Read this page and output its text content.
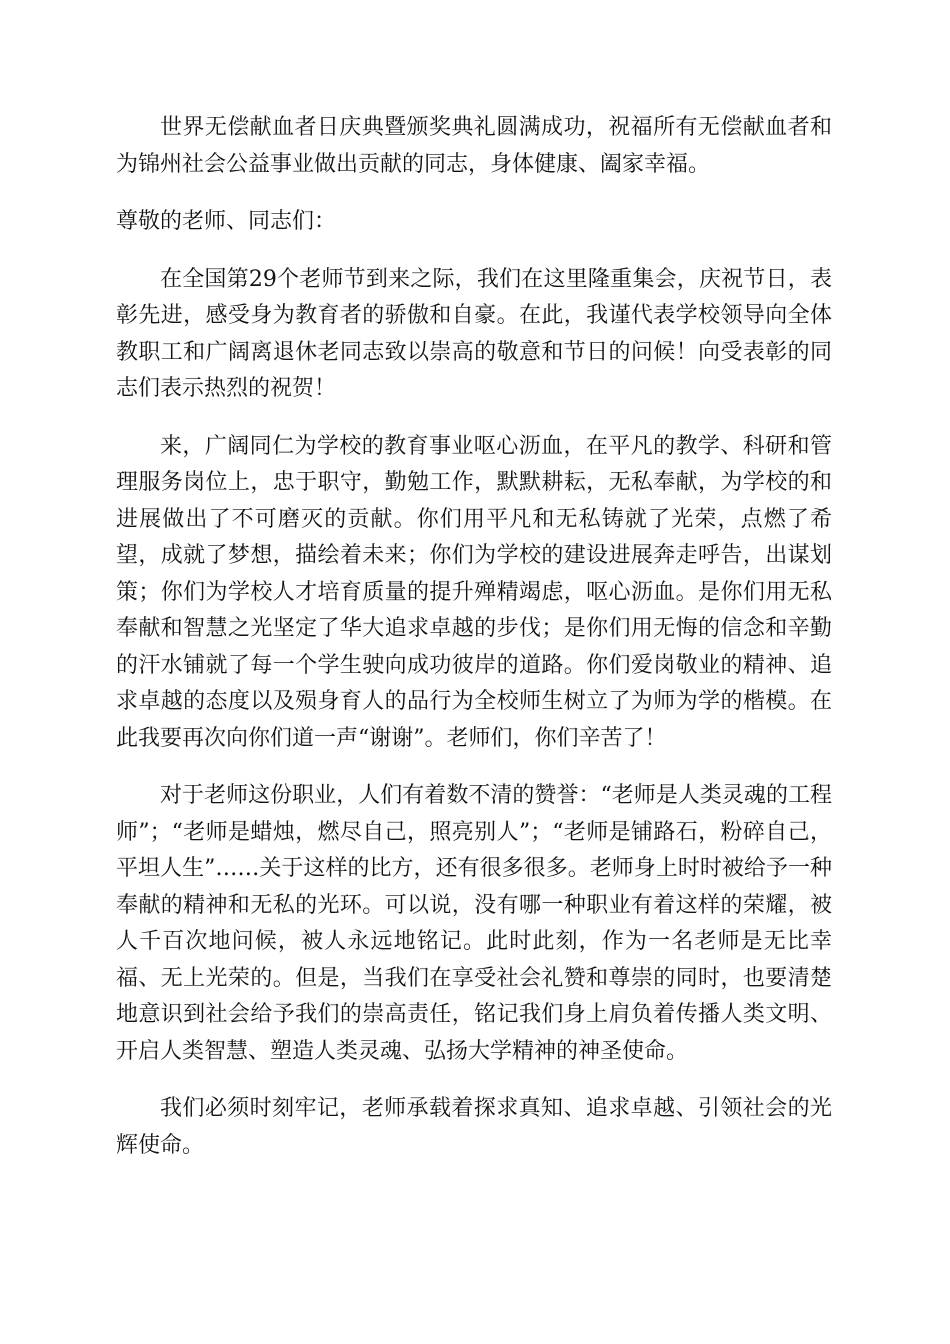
世界无偿献血者日庆典暨颁奖典礼圆满成功，祝福所有无偿献血者和为锦州社会公益事业做出贡献的同志，身体健康、阖家幸福。

尊敬的老师、同志们：

在全国第29个老师节到来之际，我们在这里隆重集会，庆祝节日，表彰先进，感受身为教育者的骄傲和自豪。在此，我谨代表学校领导向全体教职工和广阔离退休老同志致以崇高的敬意和节日的问候！向受表彰的同志们表示热烈的祝贺！

来，广阔同仁为学校的教育事业呕心沥血，在平凡的教学、科研和管理服务岗位上，忠于职守，勤勉工作，默默耕耘，无私奉献，为学校的和进展做出了不可磨灭的贡献。你们用平凡和无私铸就了光荣，点燃了希望，成就了梦想，描绘着未来；你们为学校的建设进展奔走呼告，出谋划策；你们为学校人才培育质量的提升殚精竭虑，呕心沥血。是你们用无私奉献和智慧之光坚定了华大追求卓越的步伐；是你们用无悔的信念和辛勤的汗水铺就了每一个学生驶向成功彼岸的道路。你们爱岗敬业的精神、追求卓越的态度以及殒身育人的品行为全校师生树立了为师为学的楷模。在此我要再次向你们道一声“谢谢”。老师们，你们辛苦了！

对于老师这份职业，人们有着数不清的赞誉：“老师是人类灵魂的工程师”；“老师是蜡烛，燃尽自己，照亮别人”；“老师是铺路石，粉碎自己，平坦人生”……关于这样的比方，还有很多很多。老师身上时时被给予一种奉献的精神和无私的光环。可以说，没有哪一种职业有着这样的荣耀，被人千百次地问候，被人永远地铭记。此时此刻，作为一名老师是无比幸福、无上光荣的。但是，当我们在享受社会礼赞和尊崇的同时，也要清楚地意识到社会给予我们的崇高责任，铭记我们身上肩负着传播人类文明、开启人类智慧、塑造人类灵魂、弘扬大学精神的神圣使命。

我们必须时刻牢记，老师承载着探求真知、追求卓越、引领社会的光辉使命。
